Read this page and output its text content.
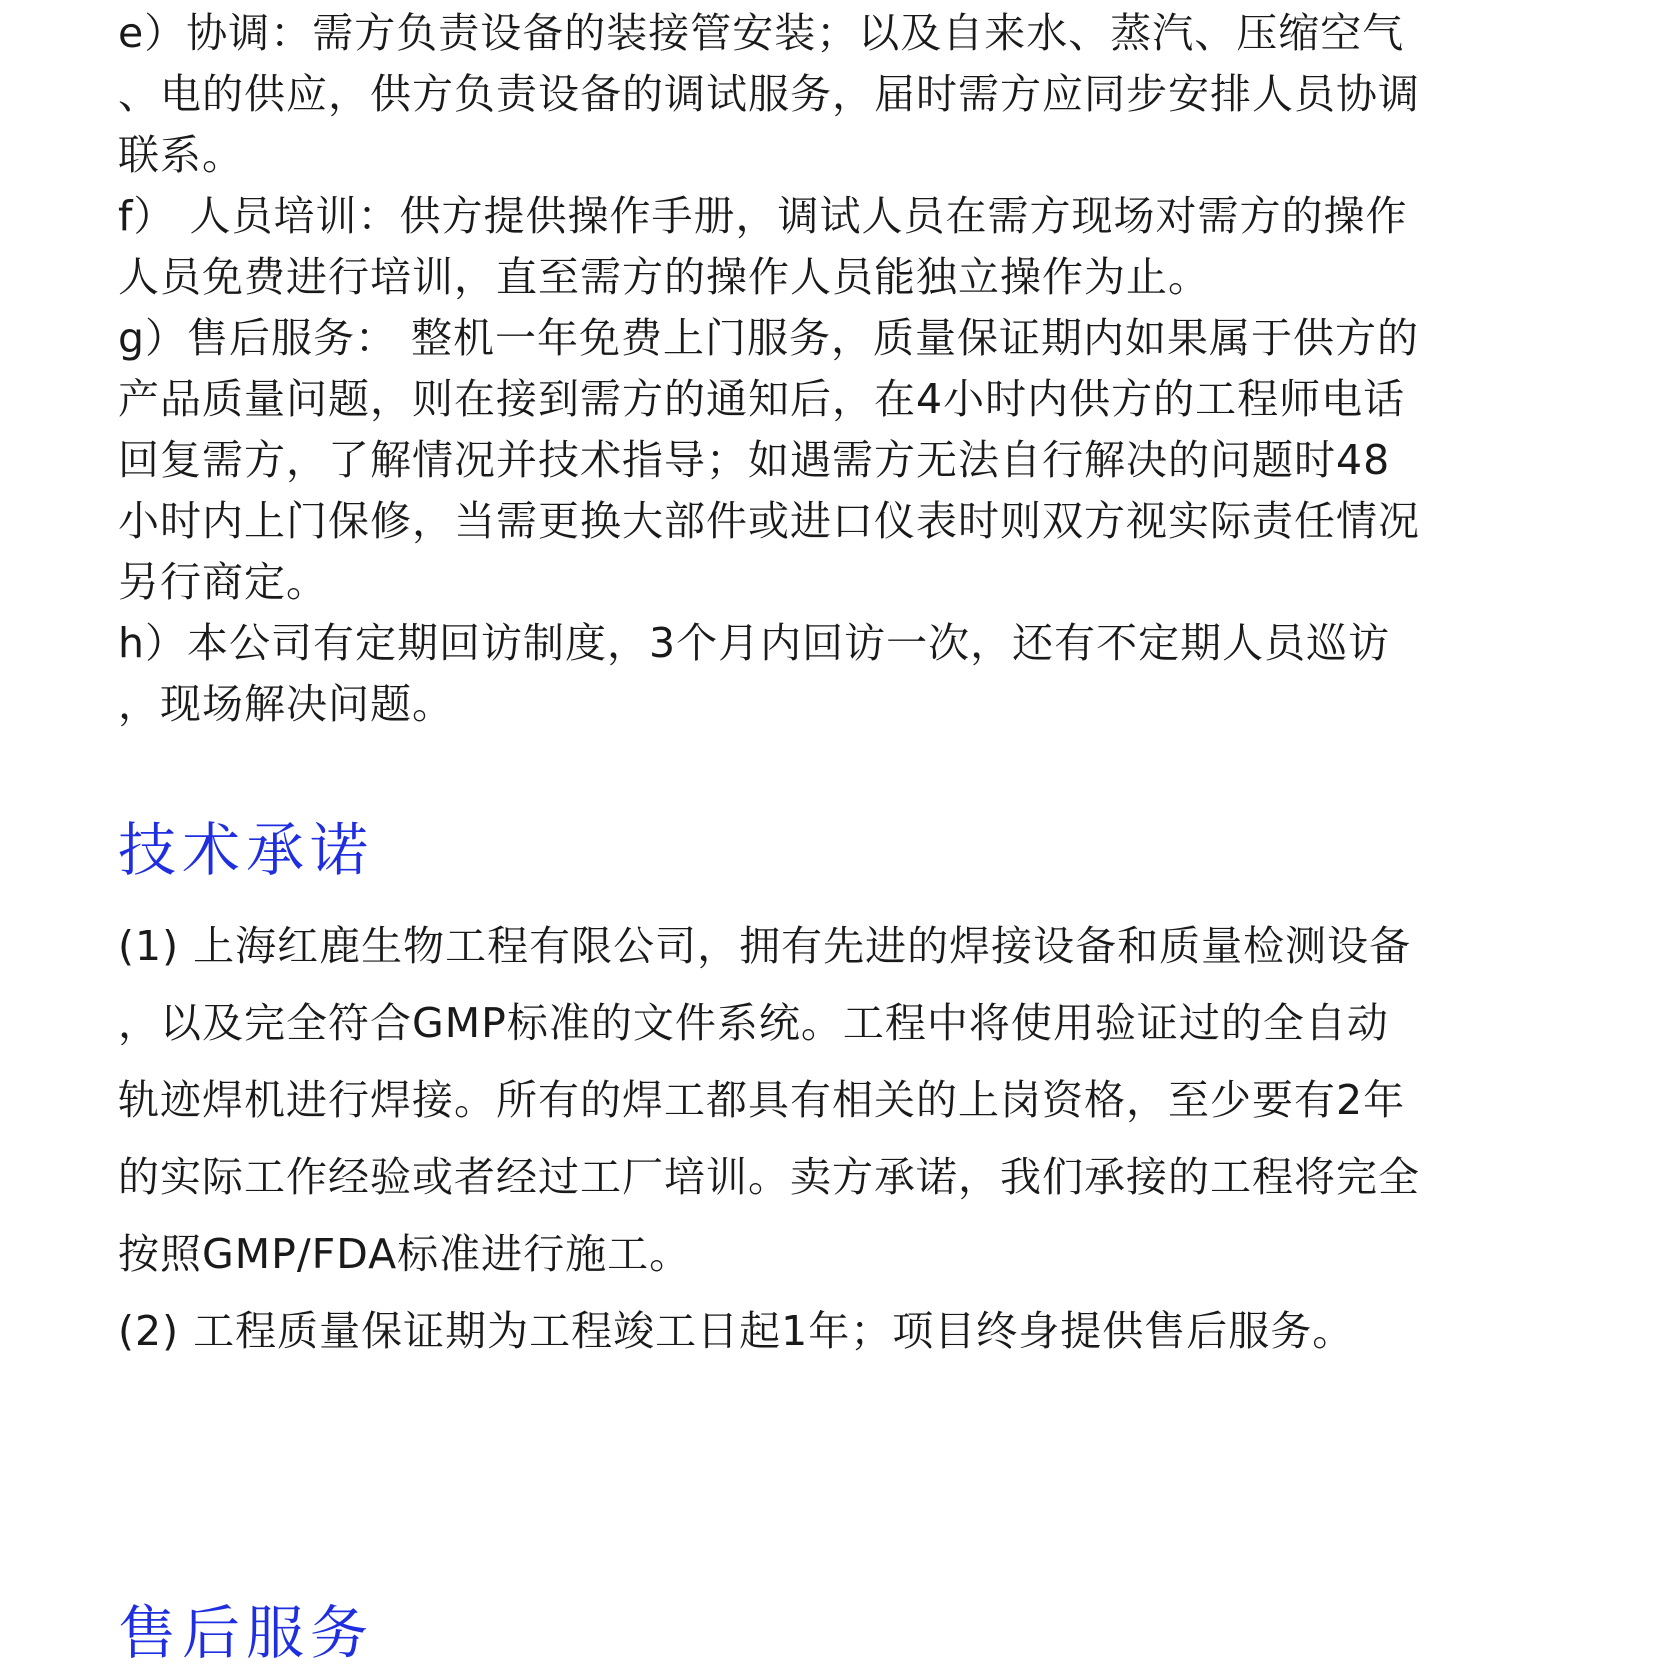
e）协调：需方负责设备的装接管安装；以及自来水、蒸汽、压缩空气
、电的供应，供方负责设备的调试服务，届时需方应同步安排人员协调
联系。
f） 人员培训：供方提供操作手册，调试人员在需方现场对需方的操作
人员免费进行培训，直至需方的操作人员能独立操作为止。
g）售后服务： 整机一年免费上门服务，质量保证期内如果属于供方的
产品质量问题，则在接到需方的通知后，在4小时内供方的工程师电话
回复需方，了解情况并技术指导；如遇需方无法自行解决的问题时48
小时内上门保修，当需更换大部件或进口仪表时则双方视实际责任情况
另行商定。
h）本公司有定期回访制度，3个月内回访一次，还有不定期人员巡访
，现场解决问题。
技术承诺
(1) 上海红鹿生物工程有限公司，拥有先进的焊接设备和质量检测设备
，以及完全符合GMP标准的文件系统。工程中将使用验证过的全自动
轨迹焊机进行焊接。所有的焊工都具有相关的上岗资格，至少要有2年
的实际工作经验或者经过工厂培训。卖方承诺，我们承接的工程将完全
按照GMP/FDA标准进行施工。
(2) 工程质量保证期为工程竣工日起1年；项目终身提供售后服务。
售后服务
